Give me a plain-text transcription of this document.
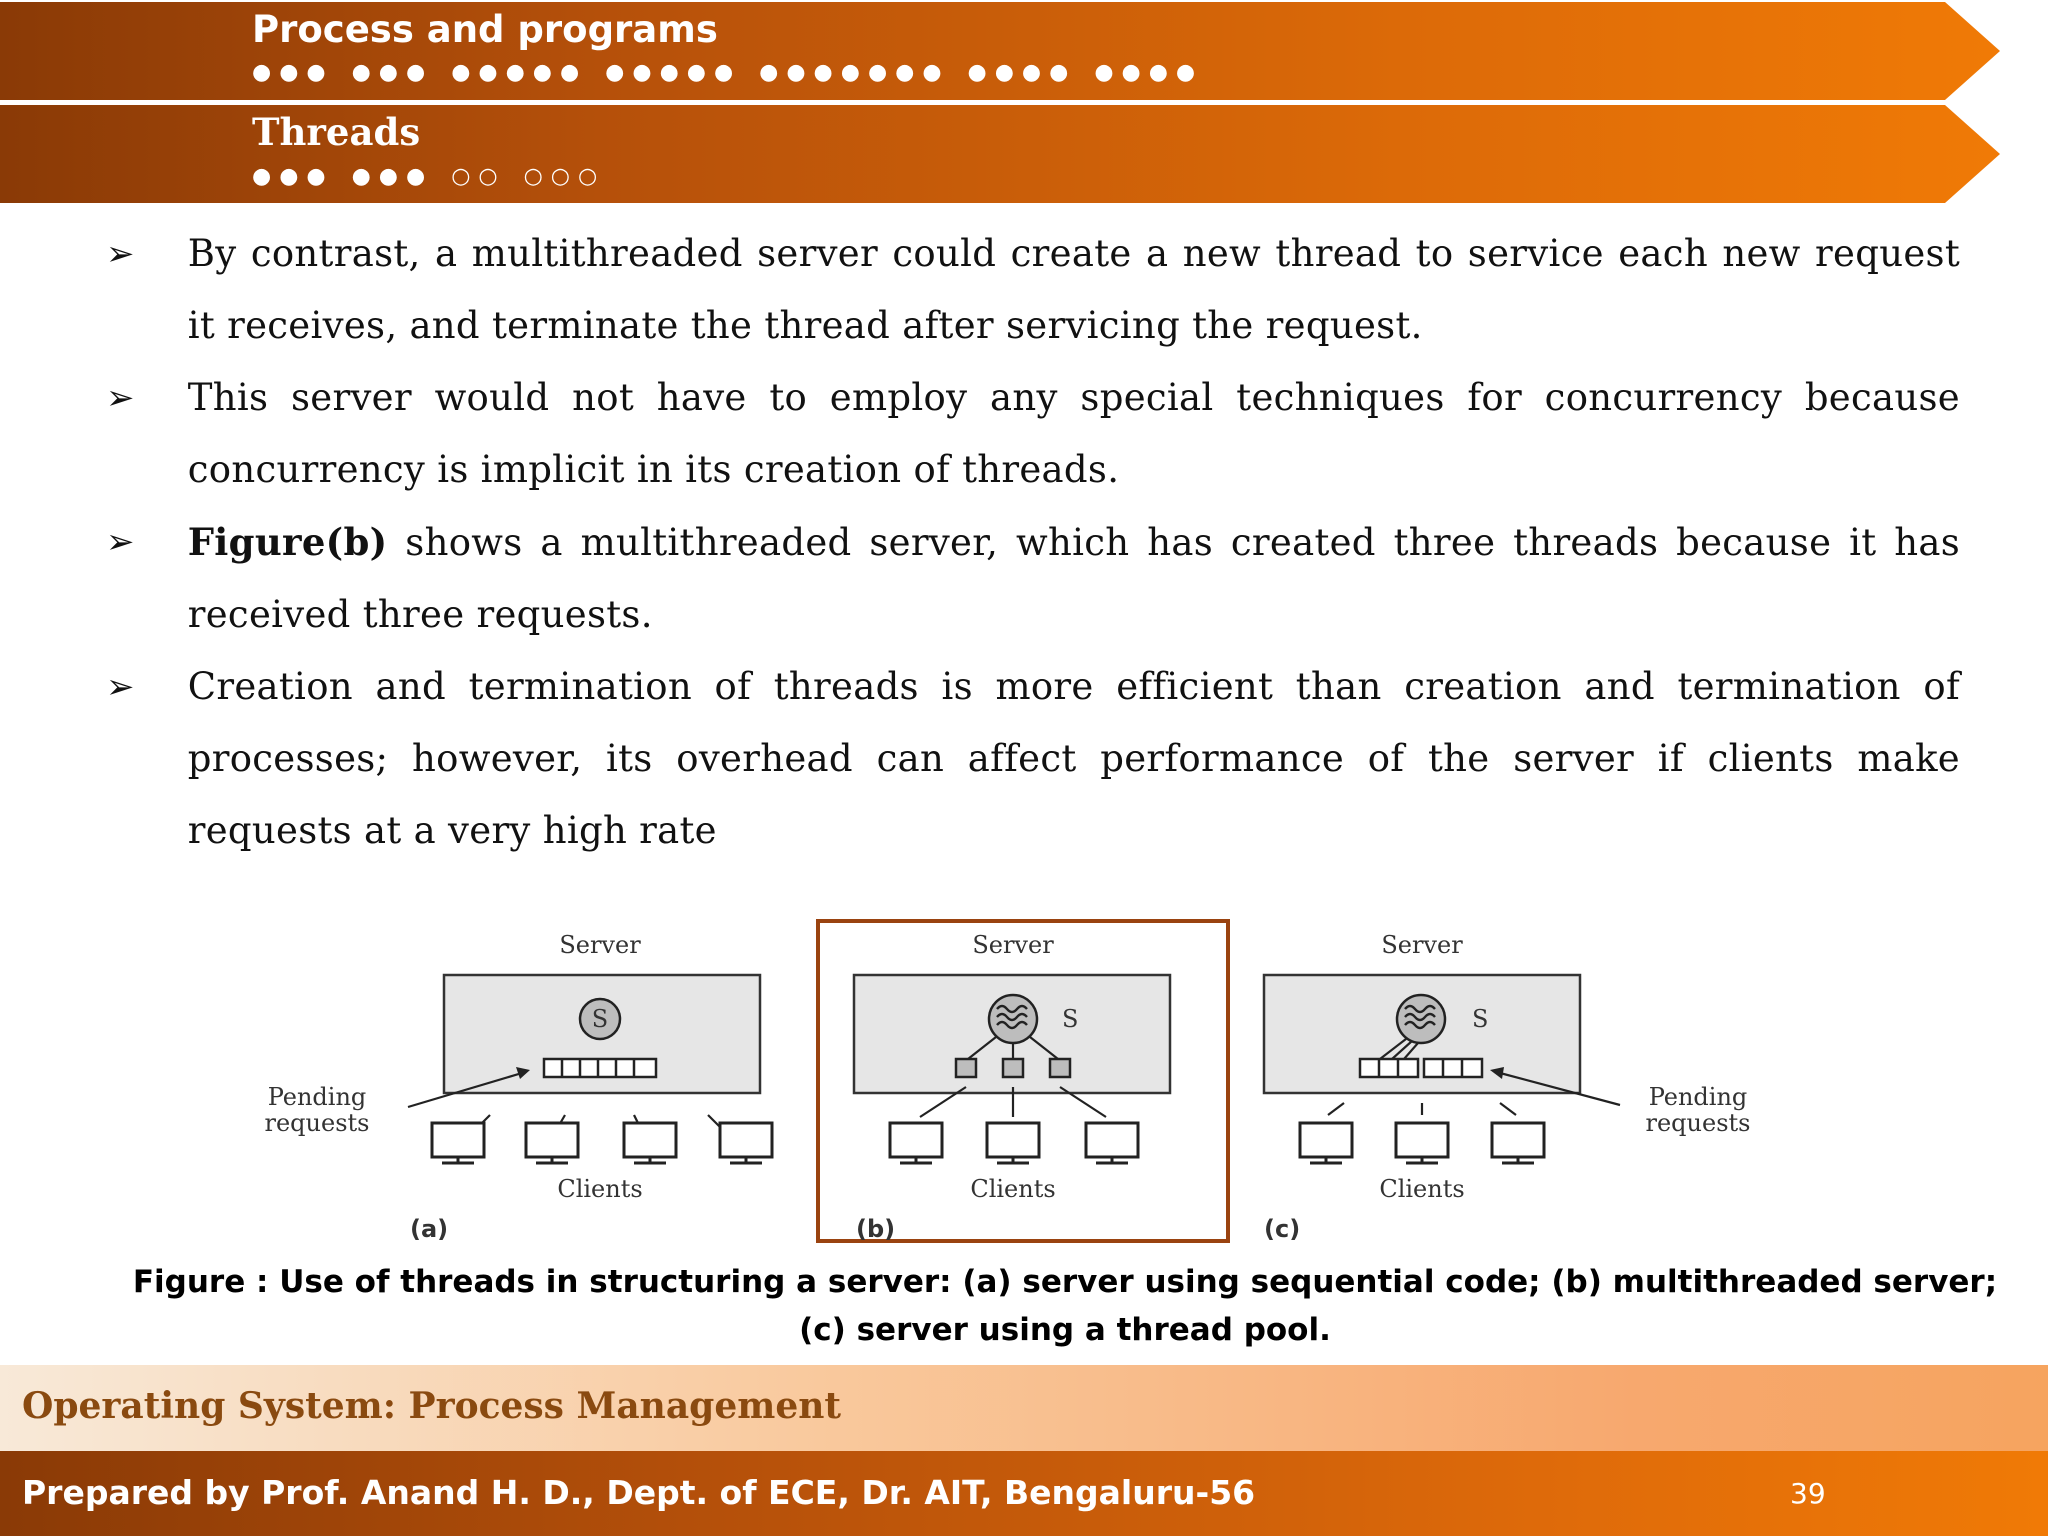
Process and programs
Threads
●●● ●●● ●●●●● ●●●●● ●●●●●●● ●●●● ●●●●
●●● ●●● ○○ ○○○
➢	By contrast, a multithreaded server could create a new thread to service each new request it receives, and terminate the thread after servicing the request.
➢	This server would not have to employ any special techniques for concurrency because concurrency is implicit in its creation of threads.
➢	Figure(b) shows a multithreaded server, which has created three threads because it has received three requests.
➢	Creation and termination of threads is more efficient than creation and termination of processes; however, its overhead can affect performance of the server if clients make requests at a very high rate
Server
S
Pending
requests
Clients
(a)
Server
S
Clients
(b)
Server
S
Pending
requests
Clients
(c)
Figure : Use of threads in structuring a server: (a) server using sequential code; (b) multithreaded server; (c) server using a thread pool.
Operating System: Process Management
Prepared by Prof. Anand H. D., Dept. of ECE, Dr. AIT, Bengaluru-56	39
